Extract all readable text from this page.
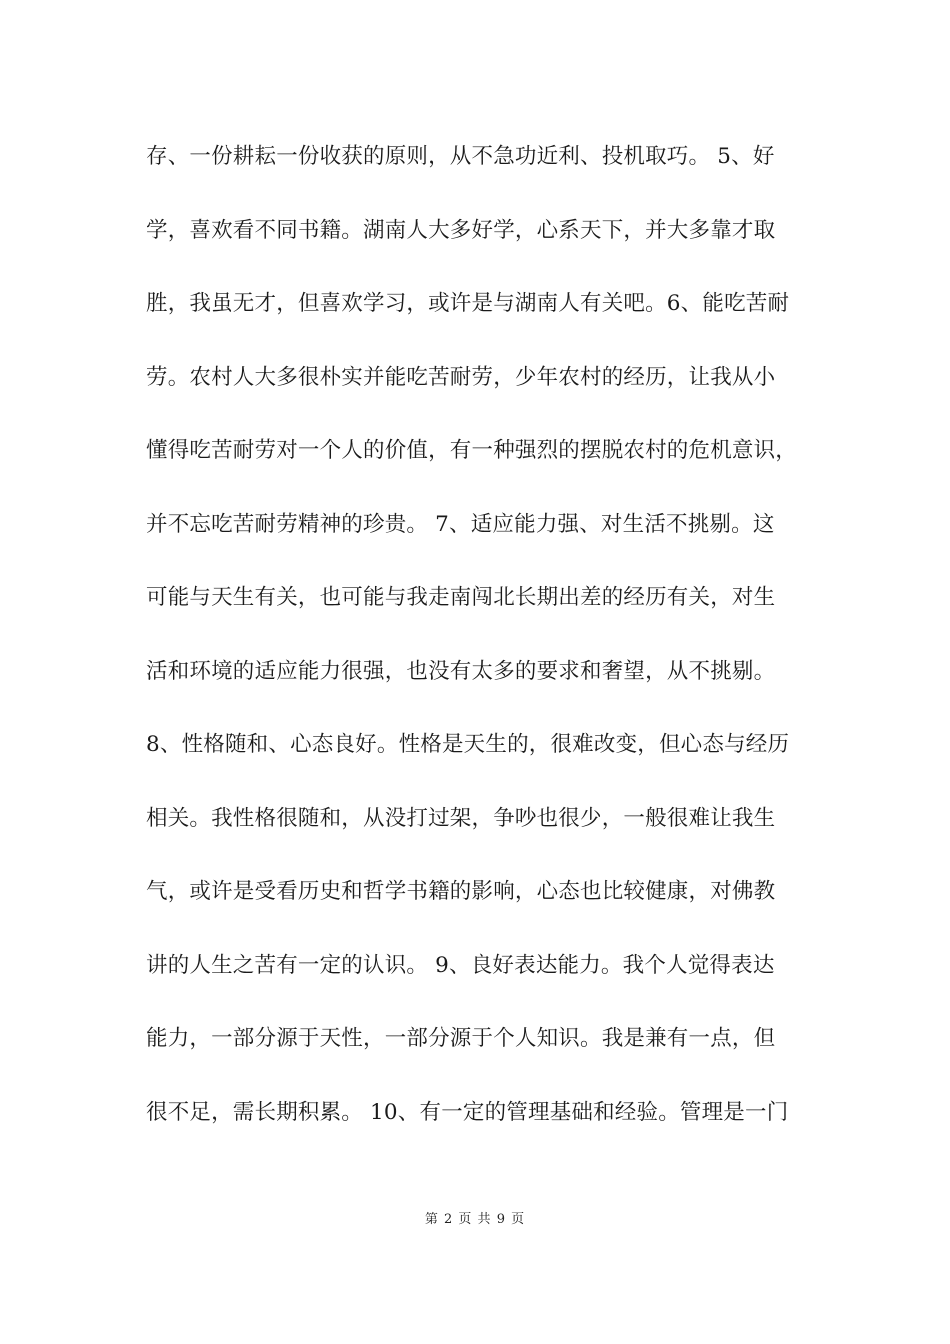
存、一份耕耘一份收获的原则，从不急功近利、投机取巧。 5、好
学，喜欢看不同书籍。湖南人大多好学，心系天下，并大多靠才取
胜，我虽无才，但喜欢学习，或许是与湖南人有关吧。6、能吃苦耐
劳。农村人大多很朴实并能吃苦耐劳，少年农村的经历，让我从小
懂得吃苦耐劳对一个人的价值，有一种强烈的摆脱农村的危机意识，
并不忘吃苦耐劳精神的珍贵。 7、适应能力强、对生活不挑剔。这
可能与天生有关，也可能与我走南闯北长期出差的经历有关，对生
活和环境的适应能力很强，也没有太多的要求和奢望，从不挑剔。
8、性格随和、心态良好。性格是天生的，很难改变，但心态与经历
相关。我性格很随和，从没打过架，争吵也很少，一般很难让我生
气，或许是受看历史和哲学书籍的影响，心态也比较健康，对佛教
讲的人生之苦有一定的认识。 9、良好表达能力。我个人觉得表达
能力，一部分源于天性，一部分源于个人知识。我是兼有一点，但
很不足，需长期积累。 10、有一定的管理基础和经验。管理是一门
第 2 页 共 9 页
